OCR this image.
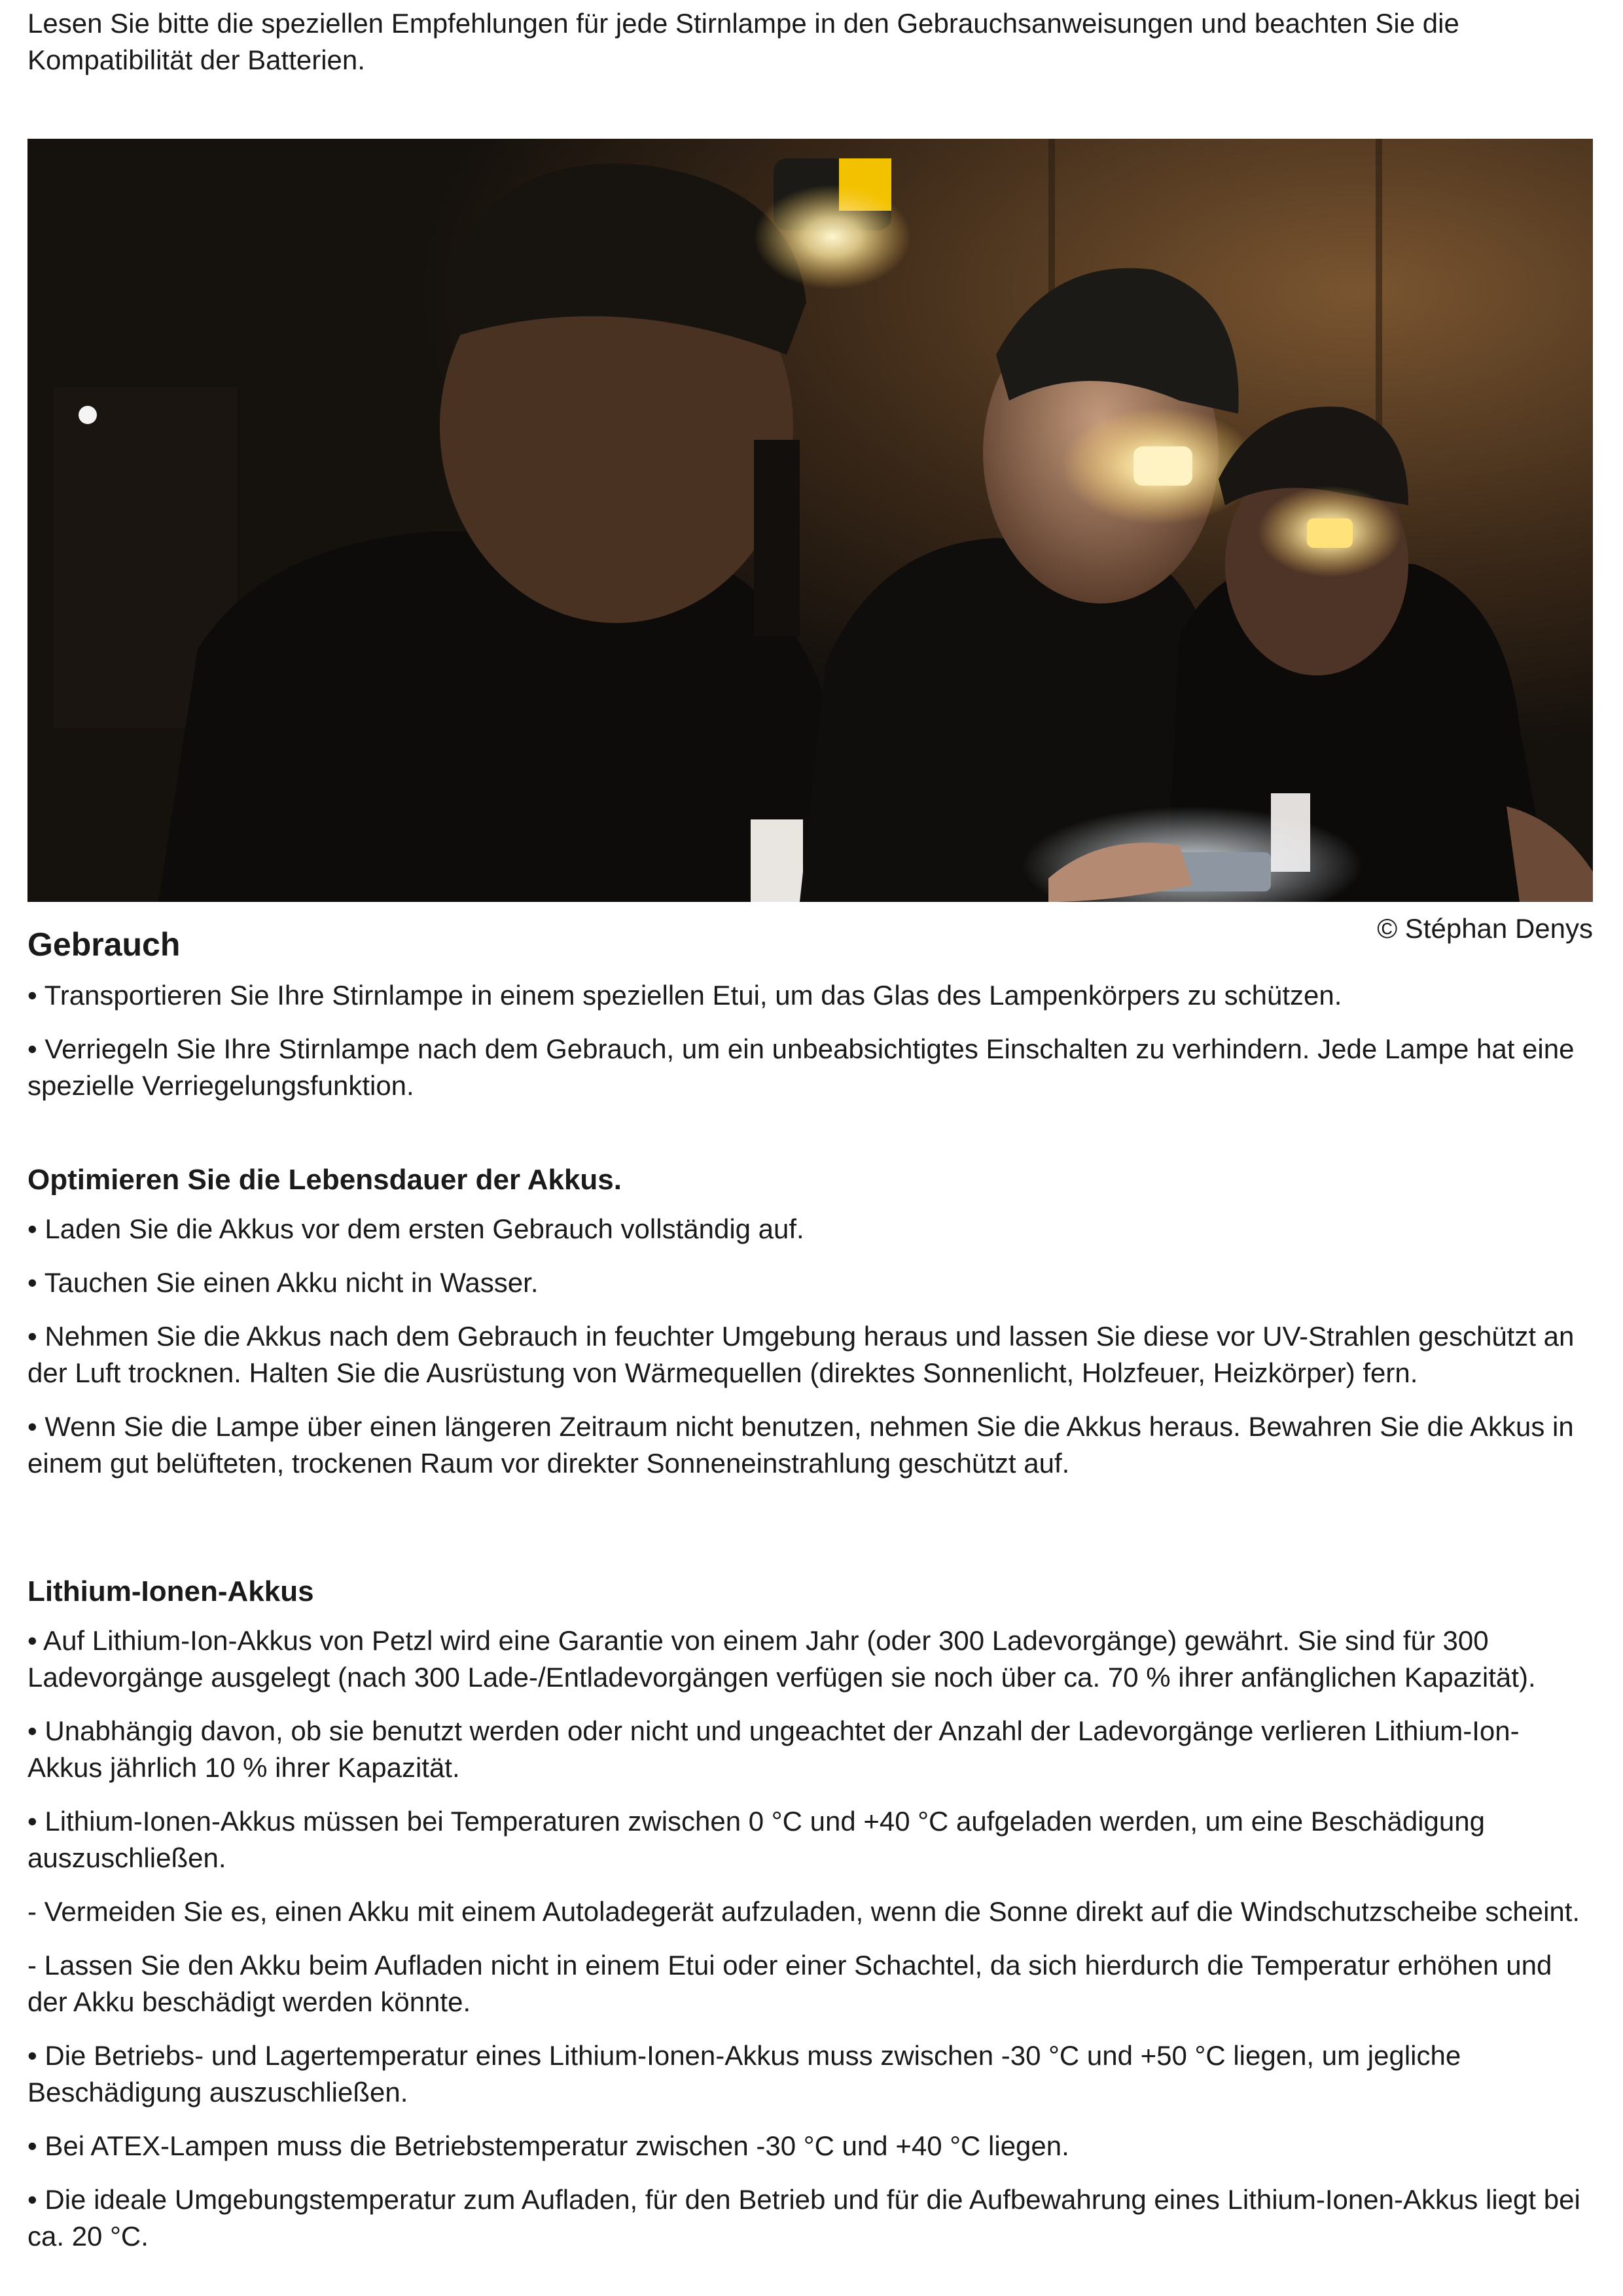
Lesen Sie bitte die speziellen Empfehlungen für jede Stirnlampe in den Gebrauchsanweisungen und beachten Sie die Kompatibilität der Batterien.

© Stéphan Denys
Gebrauch

• Transportieren Sie Ihre Stirnlampe in einem speziellen Etui, um das Glas des Lampenkörpers zu schützen.

• Verriegeln Sie Ihre Stirnlampe nach dem Gebrauch, um ein unbeabsichtigtes Einschalten zu verhindern. Jede Lampe hat eine spezielle Verriegelungsfunktion.

Optimieren Sie die Lebensdauer der Akkus.

• Laden Sie die Akkus vor dem ersten Gebrauch vollständig auf.

• Tauchen Sie einen Akku nicht in Wasser.

• Nehmen Sie die Akkus nach dem Gebrauch in feuchter Umgebung heraus und lassen Sie diese vor UV-Strahlen geschützt an der Luft trocknen. Halten Sie die Ausrüstung von Wärmequellen (direktes Sonnenlicht, Holzfeuer, Heizkörper) fern.

• Wenn Sie die Lampe über einen längeren Zeitraum nicht benutzen, nehmen Sie die Akkus heraus. Bewahren Sie die Akkus in einem gut belüfteten, trockenen Raum vor direkter Sonneneinstrahlung geschützt auf.

Lithium-Ionen-Akkus

• Auf Lithium-Ion-Akkus von Petzl wird eine Garantie von einem Jahr (oder 300 Ladevorgänge) gewährt. Sie sind für 300 Ladevorgänge ausgelegt (nach 300 Lade-/Entladevorgängen verfügen sie noch über ca. 70 % ihrer anfänglichen Kapazität).

• Unabhängig davon, ob sie benutzt werden oder nicht und ungeachtet der Anzahl der Ladevorgänge verlieren Lithium-Ion-Akkus jährlich 10 % ihrer Kapazität.

• Lithium-Ionen-Akkus müssen bei Temperaturen zwischen 0 °C und +40 °C aufgeladen werden, um eine Beschädigung auszuschließen.

- Vermeiden Sie es, einen Akku mit einem Autoladegerät aufzuladen, wenn die Sonne direkt auf die Windschutzscheibe scheint.

- Lassen Sie den Akku beim Aufladen nicht in einem Etui oder einer Schachtel, da sich hierdurch die Temperatur erhöhen und der Akku beschädigt werden könnte.

• Die Betriebs- und Lagertemperatur eines Lithium-Ionen-Akkus muss zwischen -30 °C und +50 °C liegen, um jegliche Beschädigung auszuschließen.

• Bei ATEX-Lampen muss die Betriebstemperatur zwischen -30 °C und +40 °C liegen.

• Die ideale Umgebungstemperatur zum Aufladen, für den Betrieb und für die Aufbewahrung eines Lithium-Ionen-Akkus liegt bei ca. 20 °C.
